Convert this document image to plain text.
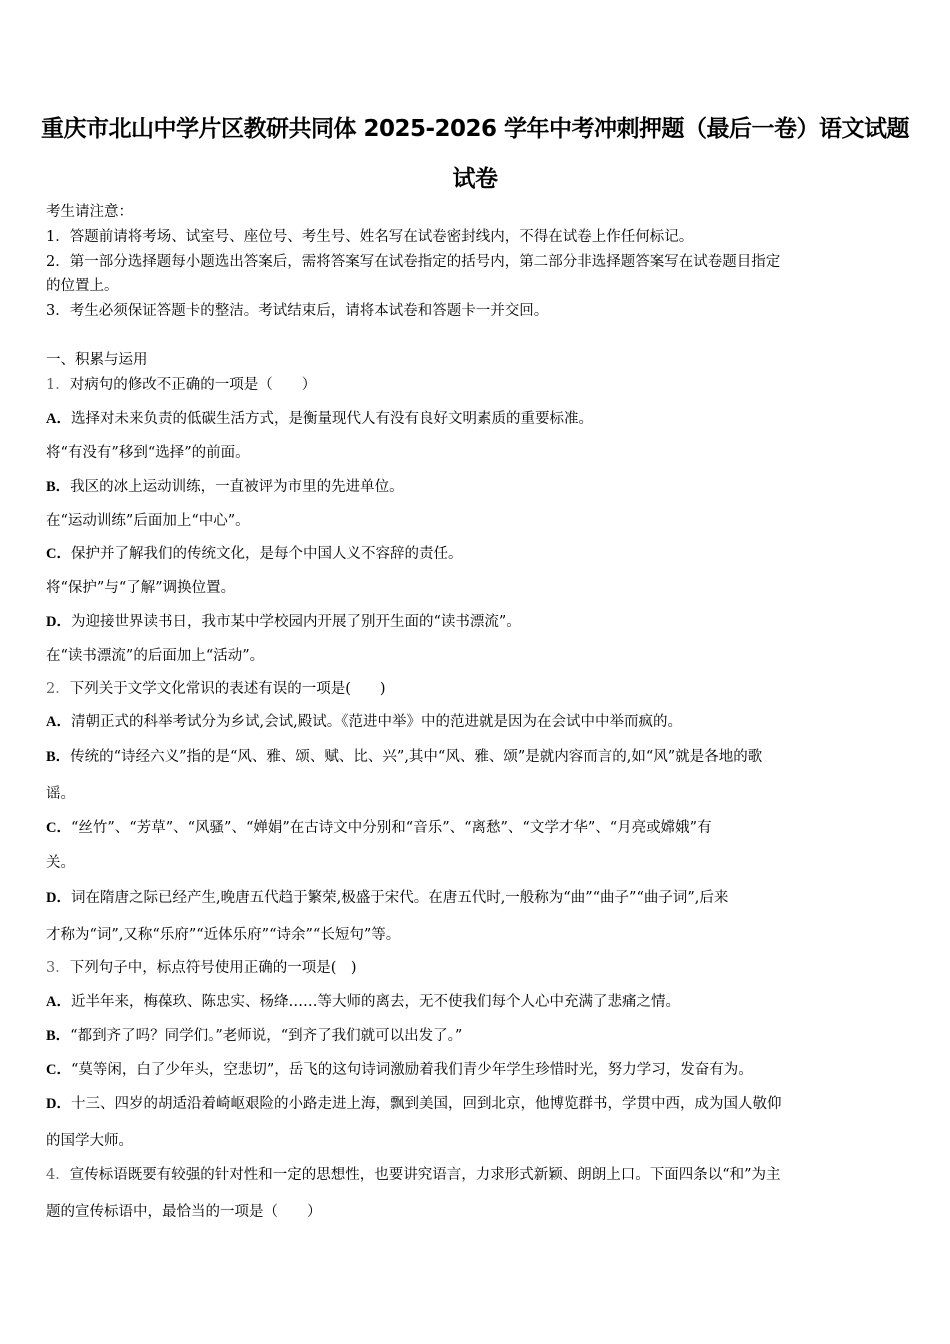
重庆市北山中学片区教研共同体 2025-2026 学年中考冲刺押题（最后一卷）语文试题
试卷
考生请注意：
1．答题前请将考场、试室号、座位号、考生号、姓名写在试卷密封线内，不得在试卷上作任何标记。
2．第一部分选择题每小题选出答案后，需将答案写在试卷指定的括号内，第二部分非选择题答案写在试卷题目指定
的位置上。
3．考生必须保证答题卡的整洁。考试结束后，请将本试卷和答题卡一并交回。
一、积累与运用
1．对病句的修改不正确的一项是（　　）
A．选择对未来负责的低碳生活方式，是衡量现代人有没有良好文明素质的重要标准。
将“有没有”移到“选择”的前面。
B．我区的冰上运动训练，一直被评为市里的先进单位。
在“运动训练”后面加上“中心”。
C．保护并了解我们的传统文化，是每个中国人义不容辞的责任。
将“保护”与“了解”调换位置。
D．为迎接世界读书日，我市某中学校园内开展了别开生面的“读书漂流”。
在“读书漂流”的后面加上“活动”。
2．下列关于文学文化常识的表述有误的一项是(　　)
A．清朝正式的科举考试分为乡试,会试,殿试。《范进中举》中的范进就是因为在会试中中举而疯的。
B．传统的“诗经六义”指的是“风、雅、颂、赋、比、兴”,其中“风、雅、颂”是就内容而言的,如“风”就是各地的歌
谣。
C．“丝竹”、“芳草”、“风骚”、“婵娟”在古诗文中分别和“音乐”、“离愁”、“文学才华”、“月亮或嫦娥”有
关。
D．词在隋唐之际已经产生,晚唐五代趋于繁荣,极盛于宋代。在唐五代时,一般称为“曲”“曲子”“曲子词”,后来
才称为“词”,又称“乐府”“近体乐府”“诗余”“长短句”等。
3．下列句子中，标点符号使用正确的一项是(　)
A．近半年来，梅葆玖、陈忠实、杨绛……等大师的离去，无不使我们每个人心中充满了悲痛之情。
B．“都到齐了吗？同学们。”老师说，“到齐了我们就可以出发了。”
C．“莫等闲，白了少年头，空悲切”，岳飞的这句诗词激励着我们青少年学生珍惜时光，努力学习，发奋有为。
D．十三、四岁的胡适沿着崎岖艰险的小路走进上海，飘到美国，回到北京，他博览群书，学贯中西，成为国人敬仰
的国学大师。
4．宣传标语既要有较强的针对性和一定的思想性，也要讲究语言，力求形式新颖、朗朗上口。下面四条以“和”为主
题的宣传标语中，最恰当的一项是（　　）
